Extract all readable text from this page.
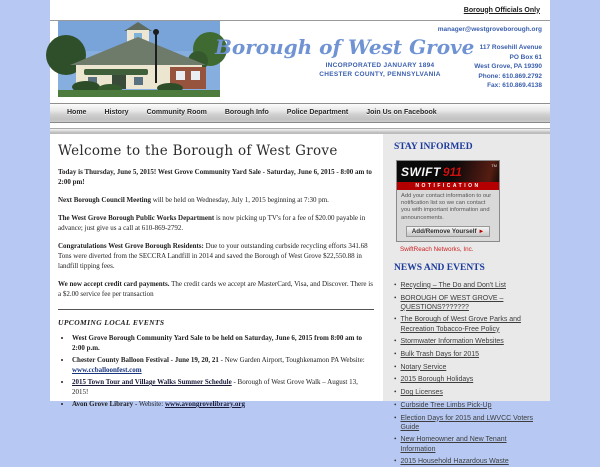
Borough Officials Only
manager@westgroveborough.org
Borough of West Grove
INCORPORATED JANUARY 1894
CHESTER COUNTY, PENNSYLVANIA
117 Rosehill Avenue
PO Box 61
West Grove, PA 19390
Phone: 610.869.2792
Fax: 610.869.4138
Home	History	Community Room	Borough Info	Police Department	Join Us on Facebook
Welcome to the Borough of West Grove

Today is Thursday, June 5, 2015! West Grove Community Yard Sale - Saturday, June 6, 2015 - 8:00 am to 2:00 pm!

Next Borough Council Meeting will be held on Wednesday, July 1, 2015 beginning at 7:30 pm.

The West Grove Borough Public Works Department is now picking up TV's for a fee of $20.00 payable in advance; just give us a call at 610-869-2792.

Congratulations West Grove Borough Residents: Due to your outstanding curbside recycling efforts 341.68 Tons were diverted from the SECCRA Landfill in 2014 and saved the Borough of West Grove $22,550.88 in landfill tipping fees.

We now accept credit card payments. The credit cards we accept are MasterCard, Visa, and Discover. There is a $2.00 service fee per transaction

UPCOMING LOCAL EVENTS
• West Grove Borough Community Yard Sale to be held on Saturday, June 6, 2015 from 8:00 am to 2:00 p.m.
• Chester County Balloon Festival - June 19, 20, 21 - New Garden Airport, Toughkenamon PA Website: www.ccballoonfest.com
• 2015 Town Tour and Village Walks Summer Schedule - Borough of West Grove Walk – August 13, 2015!
• Avon Grove Library - Website: www.avongrovelibrary.org
STAY INFORMED
SWIFT 911	TM
NOTIFICATION
Add your contact information to our notification list so we can contact you with important information and announcements.
Add/Remove Yourself ►
SwiftReach Networks, Inc.
NEWS AND EVENTS
• Recycling – The Do and Don't List
• BOROUGH OF WEST GROVE – QUESTIONS???????
• The Borough of West Grove Parks and Recreation Tobacco-Free Policy
• Stormwater Information Websites
• Bulk Trash Days for 2015
• Notary Service
• 2015 Borough Holidays
• Dog Licenses
• Curbside Tree Limbs Pick-Up
• Election Days for 2015 and LWVCC Voters Guide
• New Homeowner and New Tenant Information
• 2015 Household Hazardous Waste
